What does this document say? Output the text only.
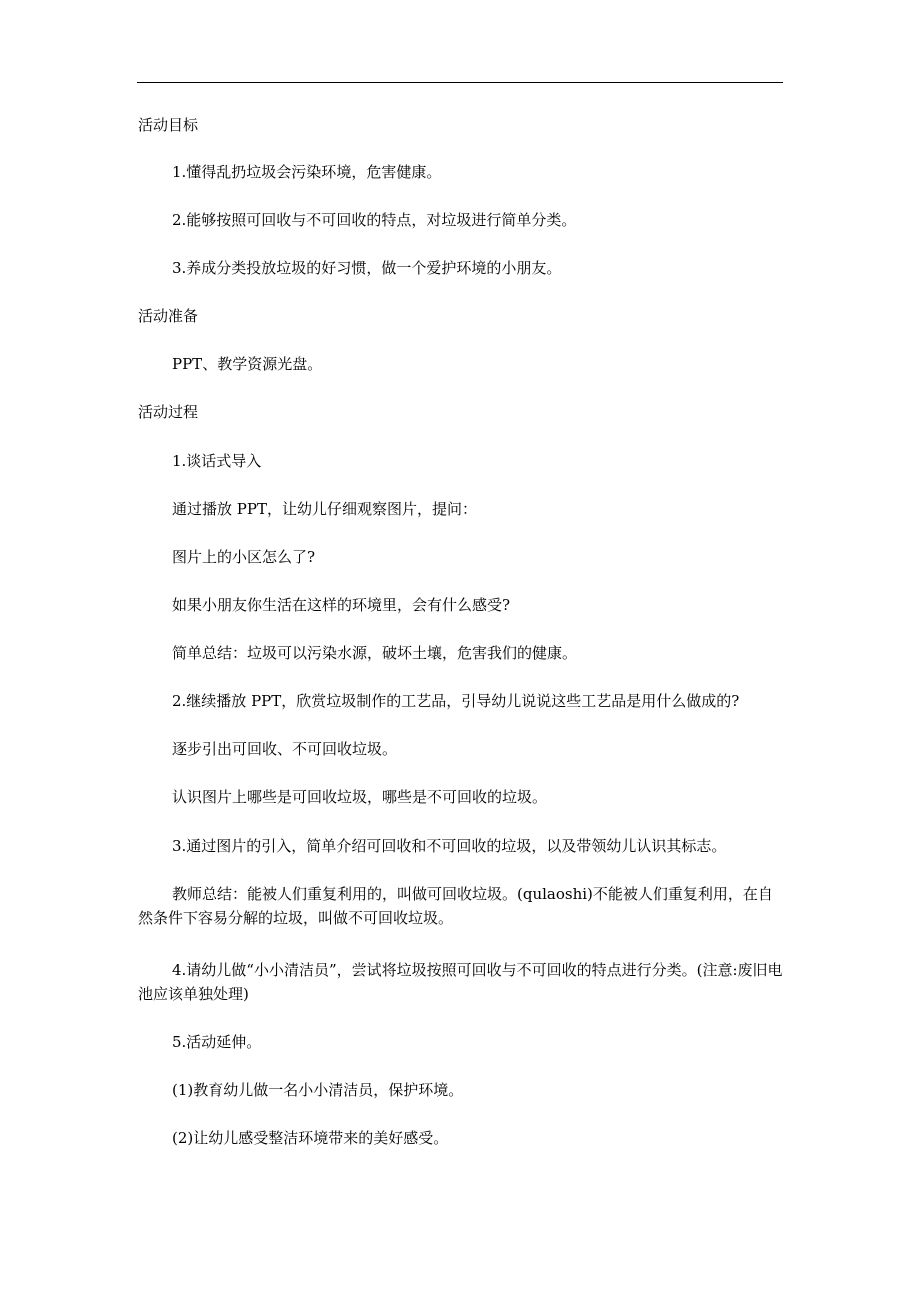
活动目标

1.懂得乱扔垃圾会污染环境，危害健康。

2.能够按照可回收与不可回收的特点，对垃圾进行简单分类。

3.养成分类投放垃圾的好习惯，做一个爱护环境的小朋友。

活动准备

PPT、教学资源光盘。

活动过程

1.谈话式导入

通过播放 PPT，让幼儿仔细观察图片，提问：

图片上的小区怎么了?

如果小朋友你生活在这样的环境里，会有什么感受?

简单总结：垃圾可以污染水源，破坏土壤，危害我们的健康。

2.继续播放 PPT，欣赏垃圾制作的工艺品，引导幼儿说说这些工艺品是用什么做成的?

逐步引出可回收、不可回收垃圾。

认识图片上哪些是可回收垃圾，哪些是不可回收的垃圾。

3.通过图片的引入，简单介绍可回收和不可回收的垃圾，以及带领幼儿认识其标志。

教师总结：能被人们重复利用的，叫做可回收垃圾。(qulaoshi)不能被人们重复利用，在自然条件下容易分解的垃圾，叫做不可回收垃圾。

4.请幼儿做“小小清洁员”，尝试将垃圾按照可回收与不可回收的特点进行分类。(注意:废旧电池应该单独处理)

5.活动延伸。

(1)教育幼儿做一名小小清洁员，保护环境。

(2)让幼儿感受整洁环境带来的美好感受。
